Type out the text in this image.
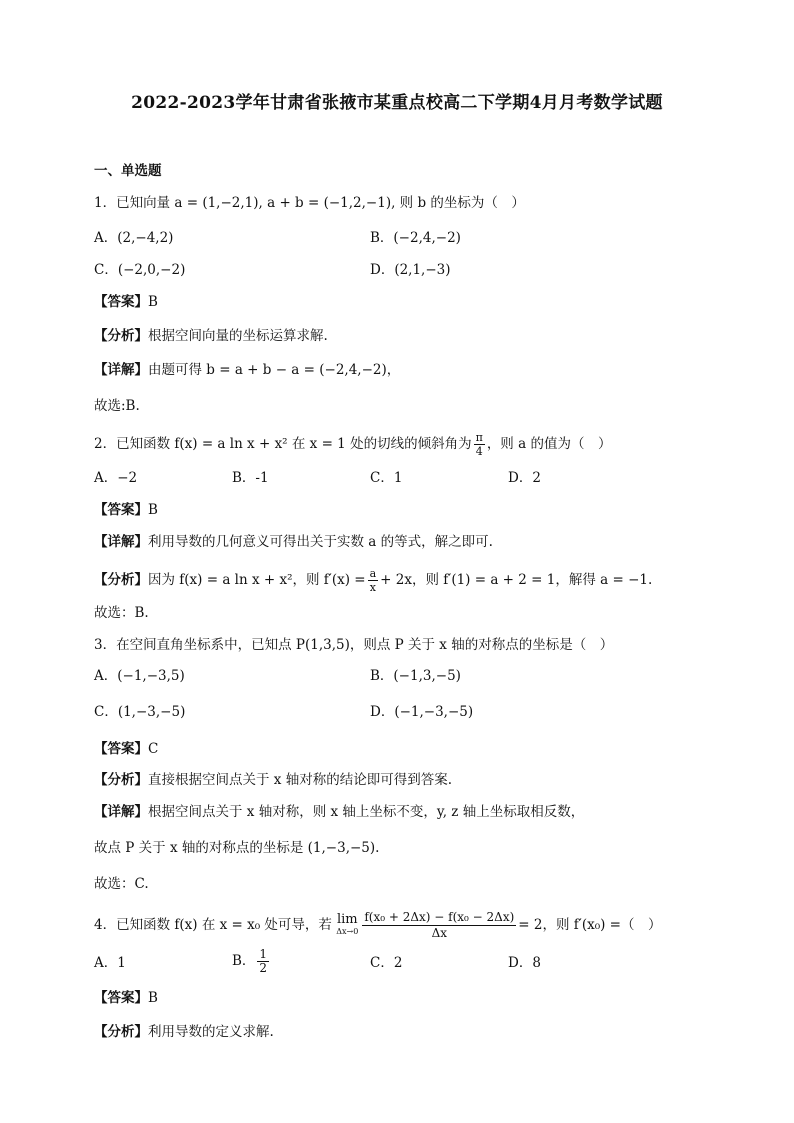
2022-2023学年甘肃省张掖市某重点校高二下学期4月月考数学试题
一、单选题
1．已知向量 a = (1,−2,1), a + b = (−1,2,−1), 则 b 的坐标为（　）
A．(2,−4,2)	B．(−2,4,−2)
C．(−2,0,−2)	D．(2,1,−3)
【答案】B
【分析】根据空间向量的坐标运算求解.
【详解】由题可得 b = a + b − a = (−2,4,−2)，
故选:B.
2．已知函数 f(x) = a ln x + x² 在 x = 1 处的切线的倾斜角为 $\frac{\pi}{4}$ ，则 a 的值为（　）
A．−2	B．-1	C．1	D．2
【答案】B
【详解】利用导数的几何意义可得出关于实数 a 的等式，解之即可.
【分析】因为 f(x) = a ln x + x²，则 $f'(x) = \frac{a}{x} + 2x$，则 f′(1) = a + 2 = 1，解得 a = −1.
故选：B.
3．在空间直角坐标系中，已知点 P(1,3,5)，则点 P 关于 x 轴的对称点的坐标是（　）
A．(−1,−3,5)	B．(−1,3,−5)
C．(1,−3,−5)	D．(−1,−3,−5)
【答案】C
【分析】直接根据空间点关于 x 轴对称的结论即可得到答案.
【详解】根据空间点关于 x 轴对称，则 x 轴上坐标不变，y, z 轴上坐标取相反数，
故点 P 关于 x 轴的对称点的坐标是 (1,−3,−5).
故选：C.
4．已知函数 f(x) 在 x = x₀ 处可导，若 lim
$\Delta x\to 0 \frac{\text{f(x₀ + 2Δx) − f(x₀ − 2Δx)}}{\Delta x} = 2$，则 f′(x₀) =（　）
A．1	B． $\frac{1}{2}$	C．2	D．8
【答案】B
【分析】利用导数的定义求解.
